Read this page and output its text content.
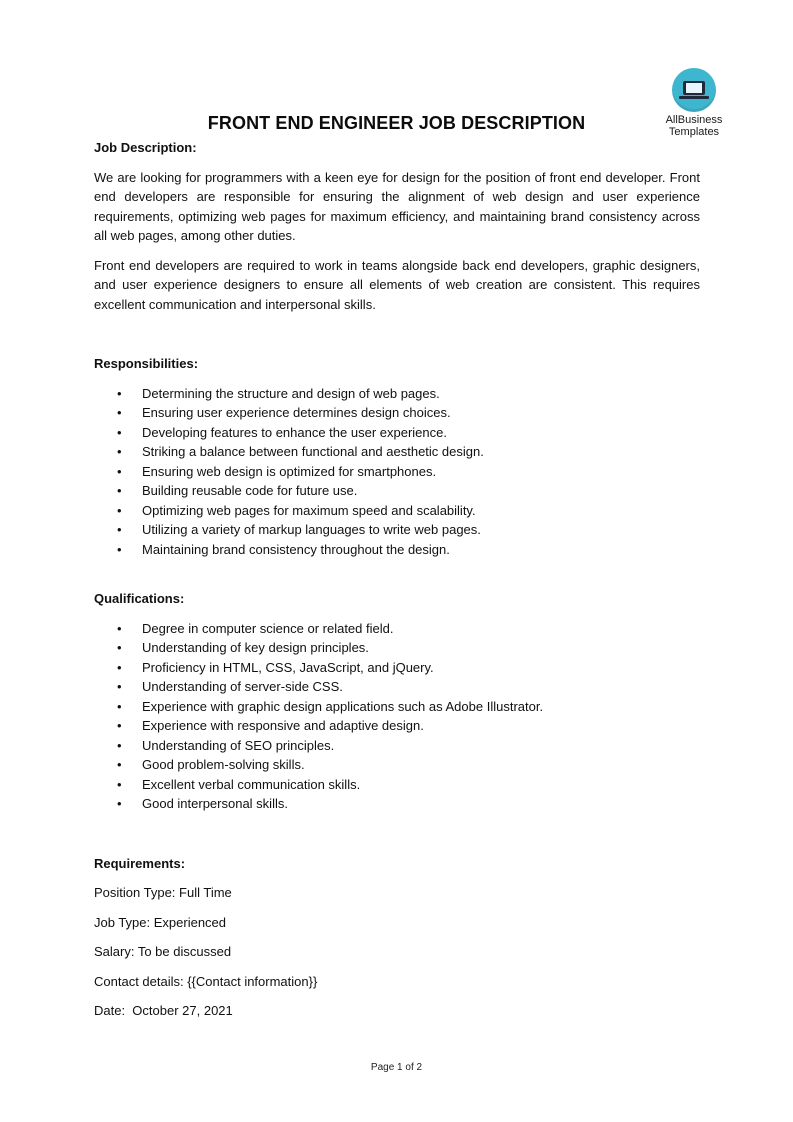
AllBusiness
Templates
FRONT END ENGINEER JOB DESCRIPTION

Job Description:

We are looking for programmers with a keen eye for design for the position of front end developer. Front end developers are responsible for ensuring the alignment of web design and user experience requirements, optimizing web pages for maximum efficiency, and maintaining brand consistency across all web pages, among other duties.

Front end developers are required to work in teams alongside back end developers, graphic designers, and user experience designers to ensure all elements of web creation are consistent. This requires excellent communication and interpersonal skills.

Responsibilities:

• Determining the structure and design of web pages.
• Ensuring user experience determines design choices.
• Developing features to enhance the user experience.
• Striking a balance between functional and aesthetic design.
• Ensuring web design is optimized for smartphones.
• Building reusable code for future use.
• Optimizing web pages for maximum speed and scalability.
• Utilizing a variety of markup languages to write web pages.
• Maintaining brand consistency throughout the design.

Qualifications:

• Degree in computer science or related field.
• Understanding of key design principles.
• Proficiency in HTML, CSS, JavaScript, and jQuery.
• Understanding of server-side CSS.
• Experience with graphic design applications such as Adobe Illustrator.
• Experience with responsive and adaptive design.
• Understanding of SEO principles.
• Good problem-solving skills.
• Excellent verbal communication skills.
• Good interpersonal skills.

Requirements:

Position Type: Full Time

Job Type: Experienced

Salary: To be discussed

Contact details: {{Contact information}}

Date:  October 27, 2021

Page 1 of 2
